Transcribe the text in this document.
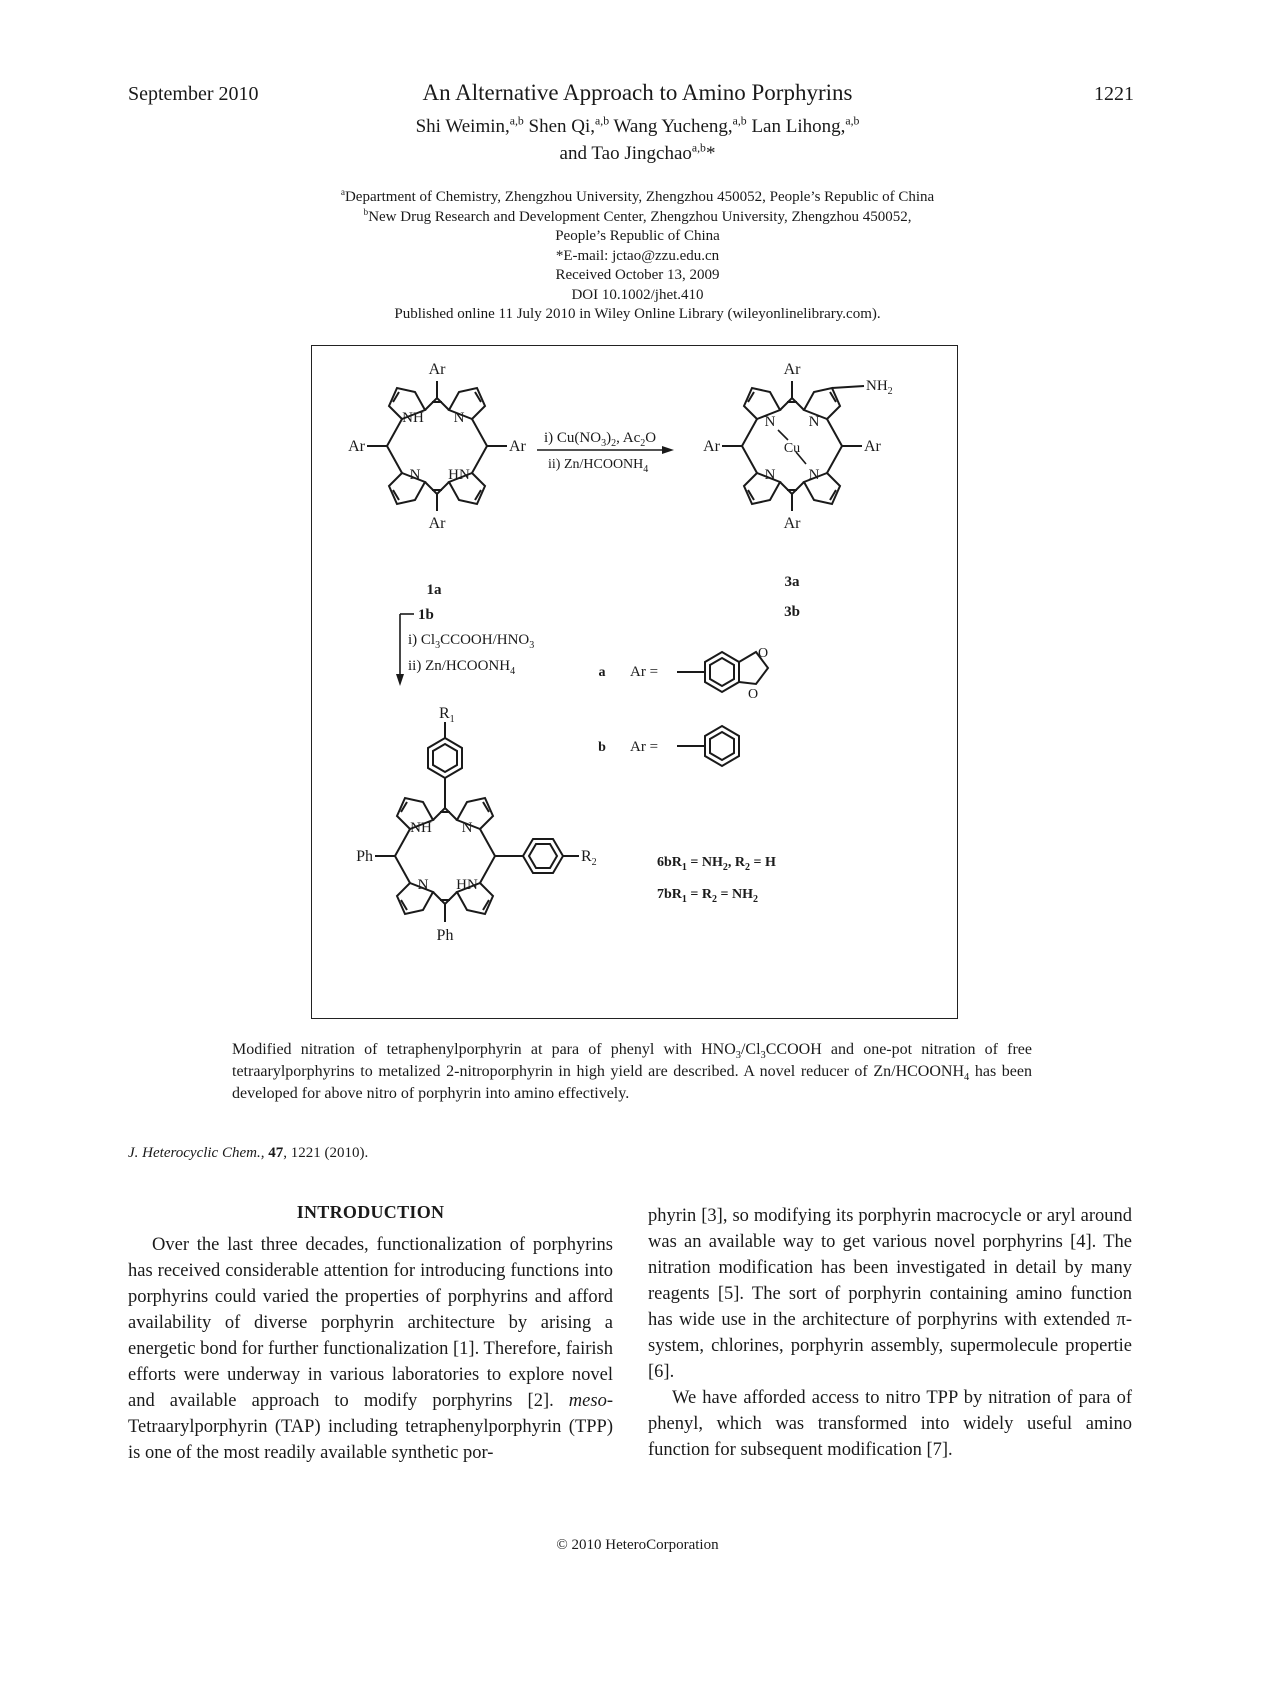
September 2010	An Alternative Approach to Amino Porphyrins	1221
Shi Weimin,$^{a,b}$ Shen Qi,$^{a,b}$ Wang Yucheng,$^{a,b}$ Lan Lihong,$^{a,b}$
and Tao Jingchao$^{a,b}$*
$^a$Department of Chemistry, Zhengzhou University, Zhengzhou 450052, People’s Republic of China
$^b$New Drug Research and Development Center, Zhengzhou University, Zhengzhou 450052,
People’s Republic of China
*E-mail: jctao@zzu.edu.cn
Received October 13, 2009
DOI 10.1002/jhet.410
Published online 11 July 2010 in Wiley Online Library (wileyonlinelibrary.com).
Ar
Ar
Ar	Ar
NH N
N HN
i) $Cu(NO_3)_2$, $Ac_2O$
ii) $Zn/HCOONH_4$
Ar
Ar
Ar	Ar
$NH_2$
N N
N N
Cu
1a	3a
3b
1b
i) $Cl_3CCOOH/HNO_3$
ii) $Zn/HCOONH_4$	a Ar =
O
O
b Ar =
$R_1$
$R_2$
Ph
Ph
NH N
N HN
$6bR_1 = NH_2$, $R_2 = H$
$7bR_1 = R_2 = NH_2$
Modified nitration of tetraphenylporphyrin at para of phenyl with $HNO_3/Cl_3CCOOH$ and one-pot nitration of free tetraarylporphyrins to metalized 2-nitroporphyrin in high yield are described. A novel reducer of $Zn/HCOONH_4$ has been developed for above nitro of porphyrin into amino effectively.
J. Heterocyclic Chem., 47, 1221 (2010).
INTRODUCTION

Over the last three decades, functionalization of porphyrins has received considerable attention for introducing functions into porphyrins could varied the properties of porphyrins and afford availability of diverse porphyrin architecture by arising a energetic bond for further functionalization [1]. Therefore, fairish efforts were underway in various laboratories to explore novel and available approach to modify porphyrins [2]. meso-Tetraarylporphyrin (TAP) including tetraphenylporphyrin (TPP) is one of the most readily available synthetic por-

phyrin [3], so modifying its porphyrin macrocycle or aryl around was an available way to get various novel porphyrins [4]. The nitration modification has been investigated in detail by many reagents [5]. The sort of porphyrin containing amino function has wide use in the architecture of porphyrins with extended π-system, chlorines, porphyrin assembly, supermolecule propertie [6].

We have afforded access to nitro TPP by nitration of para of phenyl, which was transformed into widely useful amino function for subsequent modification [7].

© 2010 HeteroCorporation
